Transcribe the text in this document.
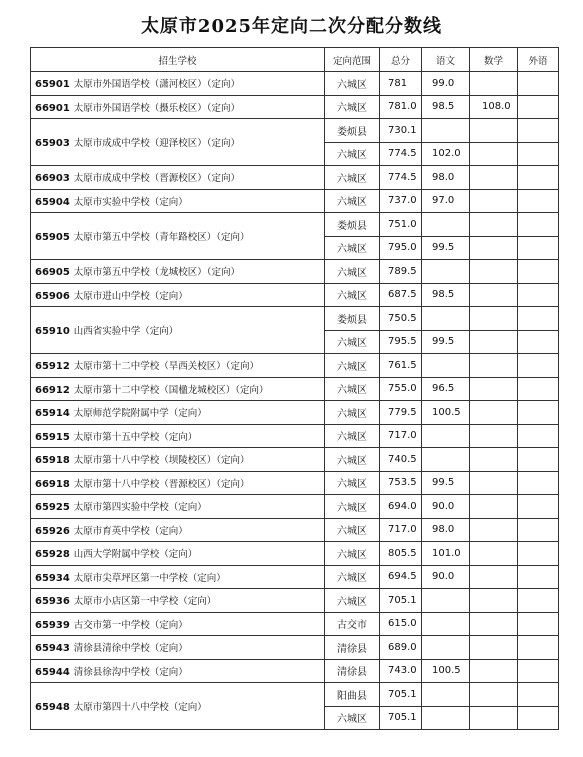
太原市2025年定向二次分配分数线
招生学校	定向范围	总分	语文	数学	外语
65901 太原市外国语学校（潇河校区）（定向）	六城区	781	99.0		
66901 太原市外国语学校（摄乐校区）（定向）	六城区	781.0	98.5	108.0	
65903 太原市成成中学校（迎泽校区）（定向）	娄烦县	730.1			
	六城区	774.5	102.0		
66903 太原市成成中学校（晋源校区）（定向）	六城区	774.5	98.0		
65904 太原市实验中学校（定向）	六城区	737.0	97.0		
65905 太原市第五中学校（青年路校区）（定向）	娄烦县	751.0			
	六城区	795.0	99.5		
66905 太原市第五中学校（龙城校区）（定向）	六城区	789.5			
65906 太原市进山中学校（定向）	六城区	687.5	98.5		
65910 山西省实验中学（定向）	娄烦县	750.5			
	六城区	795.5	99.5		
65912 太原市第十二中学校（旱西关校区）（定向）	六城区	761.5			
66912 太原市第十二中学校（国楹龙城校区）（定向）	六城区	755.0	96.5		
65914 太原师范学院附属中学（定向）	六城区	779.5	100.5		
65915 太原市第十五中学校（定向）	六城区	717.0			
65918 太原市第十八中学校（坝陵校区）（定向）	六城区	740.5			
66918 太原市第十八中学校（晋源校区）（定向）	六城区	753.5	99.5		
65925 太原市第四实验中学校（定向）	六城区	694.0	90.0		
65926 太原市育英中学校（定向）	六城区	717.0	98.0		
65928 山西大学附属中学校（定向）	六城区	805.5	101.0		
65934 太原市尖草坪区第一中学校（定向）	六城区	694.5	90.0		
65936 太原市小店区第一中学校（定向）	六城区	705.1			
65939 古交市第一中学校（定向）	古交市	615.0			
65943 清徐县清徐中学校（定向）	清徐县	689.0			
65944 清徐县徐沟中学校（定向）	清徐县	743.0	100.5		
65948 太原市第四十八中学校（定向）	阳曲县	705.1			
	六城区	705.1			
